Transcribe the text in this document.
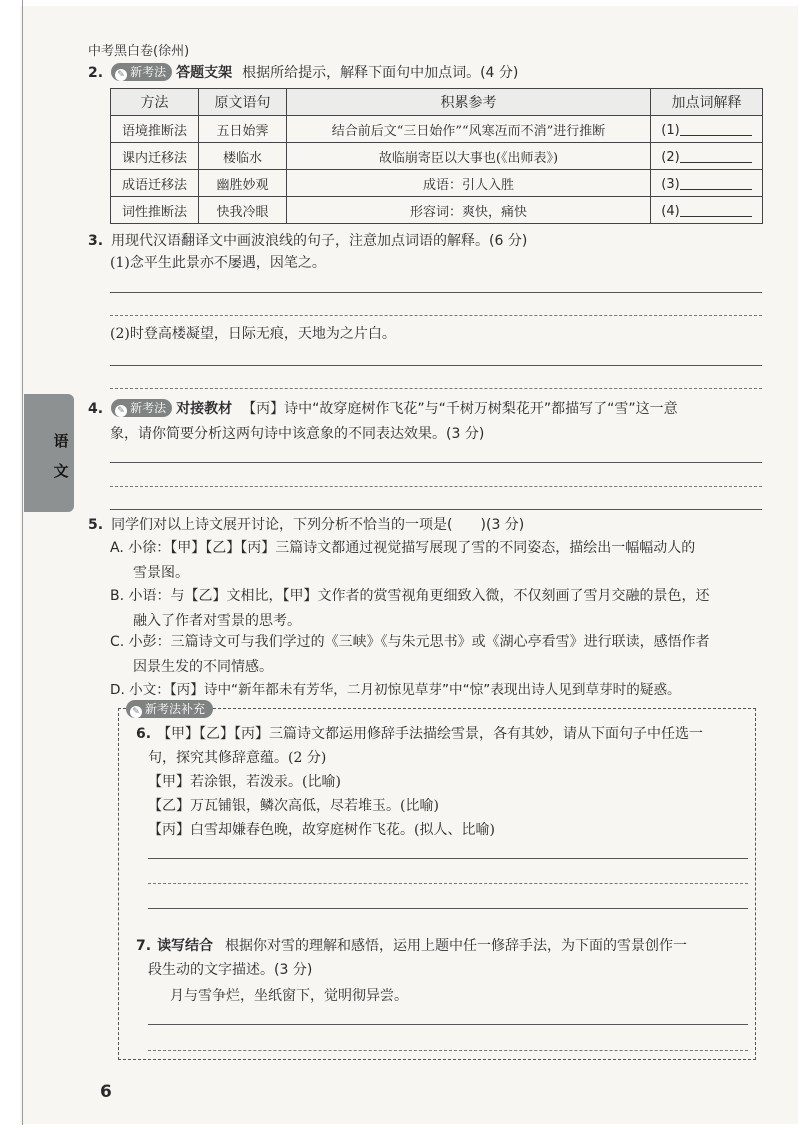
中考黑白卷(徐州)
语
文
2. ✎ 新考法 答题支架 根据所给提示，解释下面句中加点词。(4 分)
方法	原文语句	积累参考	加点词解释
语境推断法	五日始霁	结合前后文“三日始作”“风寒冱而不消”进行推断	(1)
课内迁移法	楼临水	故临崩寄臣以大事也(《出师表》)	(2)
成语迁移法	幽胜妙观	成语：引人入胜	(3)
词性推断法	快我冷眼	形容词：爽快，痛快	(4)
3. 用现代汉语翻译文中画波浪线的句子，注意加点词语的解释。(6 分)
(1)念平生此景亦不屡遇，因笔之。
(2)时登高楼凝望，日际无痕，天地为之片白。
4. ✎ 新考法 对接教材 【丙】诗中“故穿庭树作飞花”与“千树万树梨花开”都描写了“雪”这一意
象，请你简要分析这两句诗中该意象的不同表达效果。(3 分)
5. 同学们对以上诗文展开讨论，下列分析不恰当的一项是(　　)(3 分)
A. 小徐：【甲】【乙】【丙】三篇诗文都通过视觉描写展现了雪的不同姿态，描绘出一幅幅动人的
雪景图。
B. 小语：与【乙】文相比，【甲】文作者的赏雪视角更细致入微，不仅刻画了雪月交融的景色，还
融入了作者对雪景的思考。
C. 小彭：三篇诗文可与我们学过的《三峡》《与朱元思书》或《湖心亭看雪》进行联读，感悟作者
因景生发的不同情感。
D. 小文：【丙】诗中“新年都未有芳华，二月初惊见草芽”中“惊”表现出诗人见到草芽时的疑惑。
✎ 新考法补充
6. 【甲】【乙】【丙】三篇诗文都运用修辞手法描绘雪景，各有其妙，请从下面句子中任选一
句，探究其修辞意蕴。(2 分)
【甲】若涂银，若泼汞。(比喻)
【乙】万瓦铺银，鳞次高低，尽若堆玉。(比喻)
【丙】白雪却嫌春色晚，故穿庭树作飞花。(拟人、比喻)
7. 读写结合 根据你对雪的理解和感悟，运用上题中任一修辞手法，为下面的雪景创作一
段生动的文字描述。(3 分)
月与雪争烂，坐纸窗下，觉明彻异尝。
6
